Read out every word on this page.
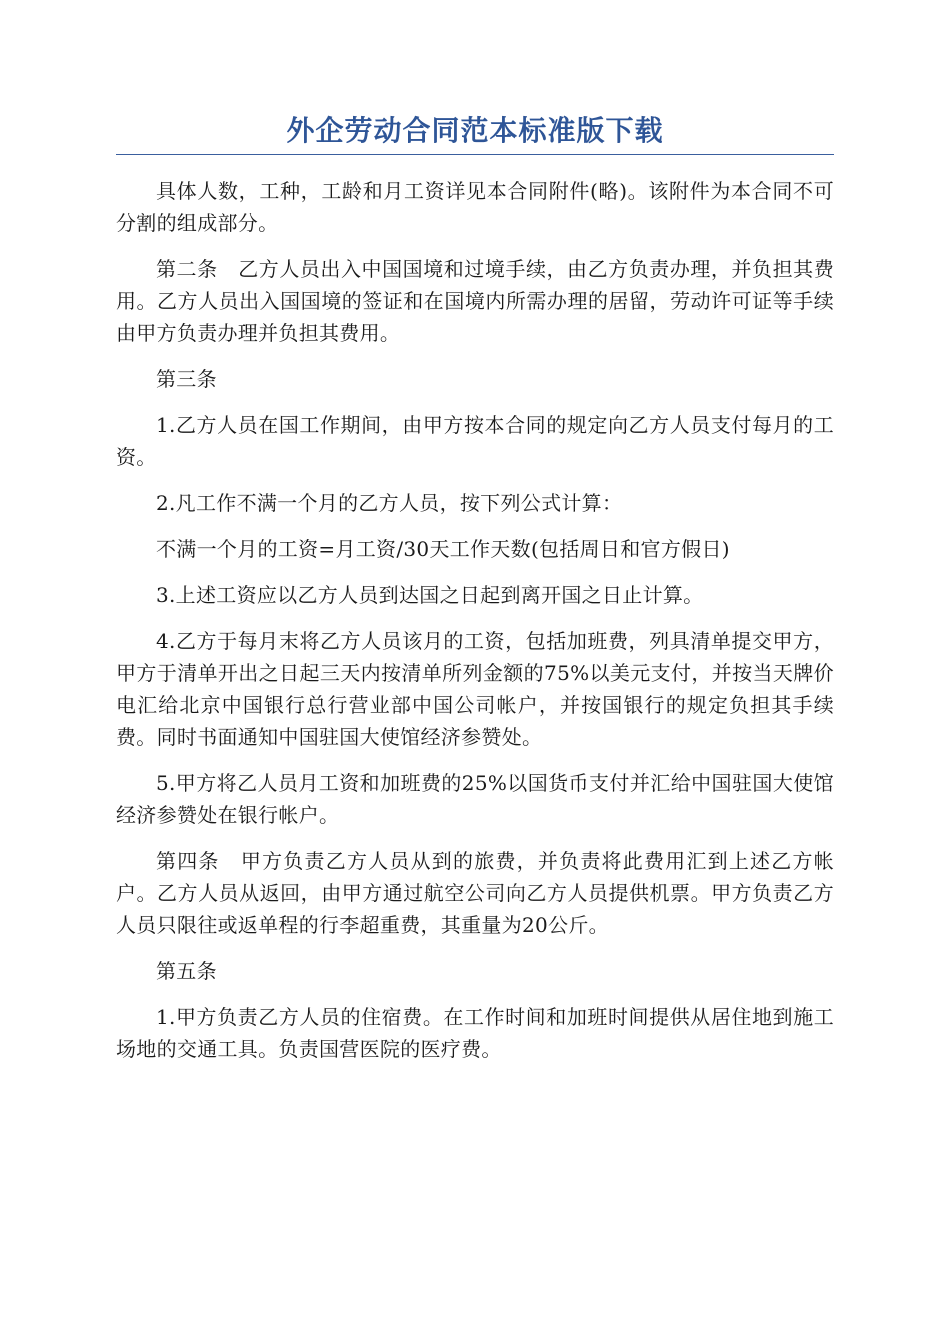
外企劳动合同范本标准版下载

具体人数，工种，工龄和月工资详见本合同附件(略)。该附件为本合同不可分割的组成部分。

第二条　乙方人员出入中国国境和过境手续，由乙方负责办理，并负担其费用。乙方人员出入国国境的签证和在国境内所需办理的居留，劳动许可证等手续由甲方负责办理并负担其费用。

第三条

1.乙方人员在国工作期间，由甲方按本合同的规定向乙方人员支付每月的工资。

2.凡工作不满一个月的乙方人员，按下列公式计算：

不满一个月的工资=月工资/30天工作天数(包括周日和官方假日)

3.上述工资应以乙方人员到达国之日起到离开国之日止计算。

4.乙方于每月末将乙方人员该月的工资，包括加班费，列具清单提交甲方，甲方于清单开出之日起三天内按清单所列金额的75%以美元支付，并按当天牌价电汇给北京中国银行总行营业部中国公司帐户，并按国银行的规定负担其手续费。同时书面通知中国驻国大使馆经济参赞处。

5.甲方将乙人员月工资和加班费的25%以国货币支付并汇给中国驻国大使馆经济参赞处在银行帐户。

第四条　甲方负责乙方人员从到的旅费，并负责将此费用汇到上述乙方帐户。乙方人员从返回，由甲方通过航空公司向乙方人员提供机票。甲方负责乙方人员只限往或返单程的行李超重费，其重量为20公斤。

第五条

1.甲方负责乙方人员的住宿费。在工作时间和加班时间提供从居住地到施工场地的交通工具。负责国营医院的医疗费。
